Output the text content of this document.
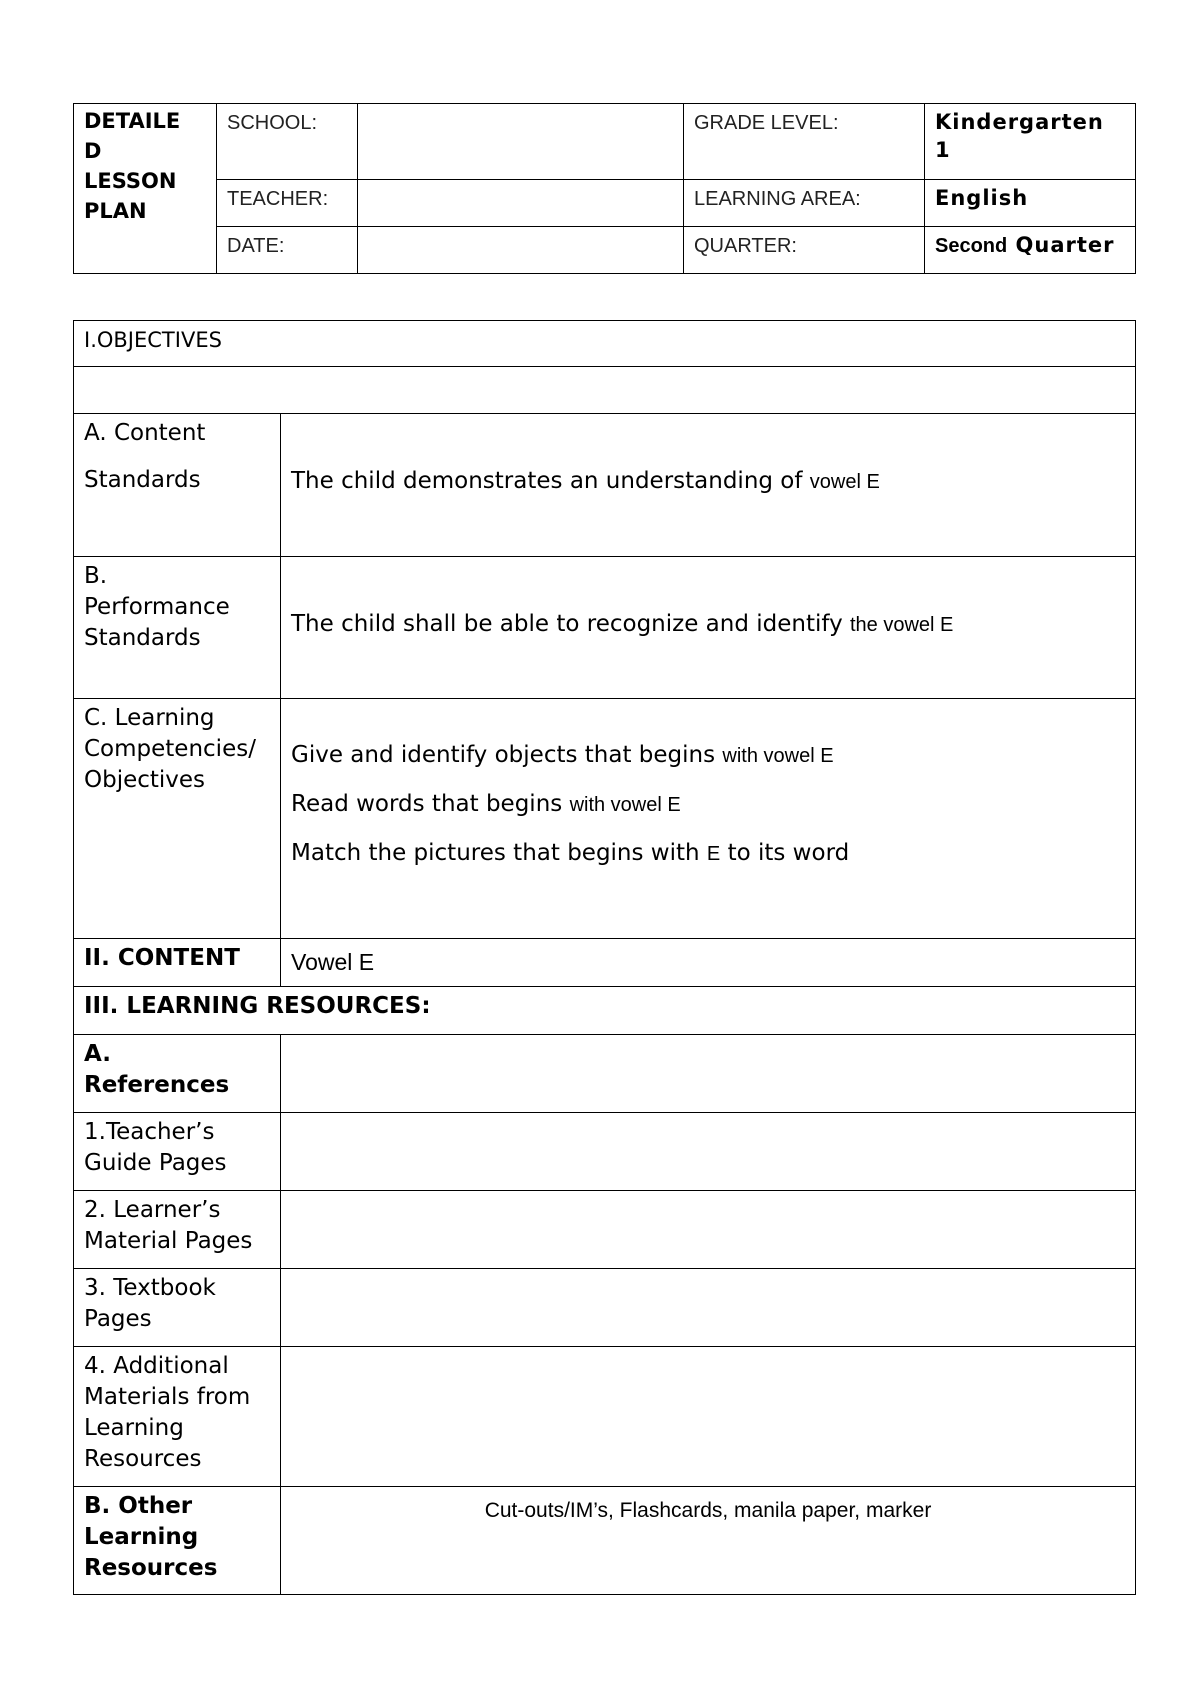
DETAILE
D
LESSON
PLAN	SCHOOL:		GRADE LEVEL:	Kindergarten
1

	TEACHER:		LEARNING AREA:	English
	DATE:		QUARTER:	Second Quarter
I.OBJECTIVES	

A. Content
Standards	The child demonstrates an understanding of vowel E

B.
Performance
Standards	The child shall be able to recognize and identify the vowel E

C. Learning
Competencies/
Objectives	Give and identify objects that begins with vowel E
Read words that begins with vowel E
Match the pictures that begins with E to its word

II. CONTENT	Vowel E
III. LEARNING RESOURCES:	

A.
References	

1.Teacher’s
Guide Pages	

2. Learner’s
Material Pages	

3. Textbook
Pages	

4. Additional
Materials from
Learning
Resources	

B. Other
Learning
Resources	Cut-outs/IM’s, Flashcards, manila paper, marker
